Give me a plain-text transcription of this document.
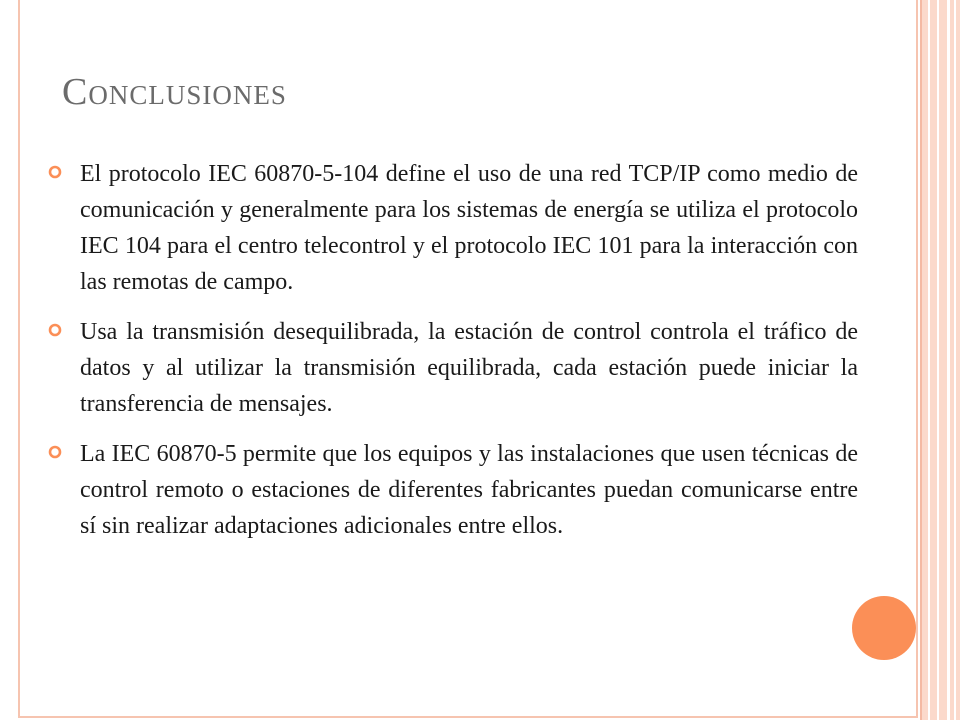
Conclusiones
El protocolo IEC 60870-5-104 define el uso de una red TCP/IP como medio de comunicación y generalmente para los sistemas de energía se utiliza el protocolo IEC 104 para el centro telecontrol y el protocolo IEC 101 para la interacción con las remotas de campo.
Usa la transmisión desequilibrada, la estación de control controla el tráfico de datos y al utilizar la transmisión equilibrada, cada estación puede iniciar la transferencia de mensajes.
La IEC 60870-5 permite que los equipos y las instalaciones que usen técnicas de control remoto o estaciones de diferentes fabricantes puedan comunicarse entre sí sin realizar adaptaciones adicionales entre ellos.
